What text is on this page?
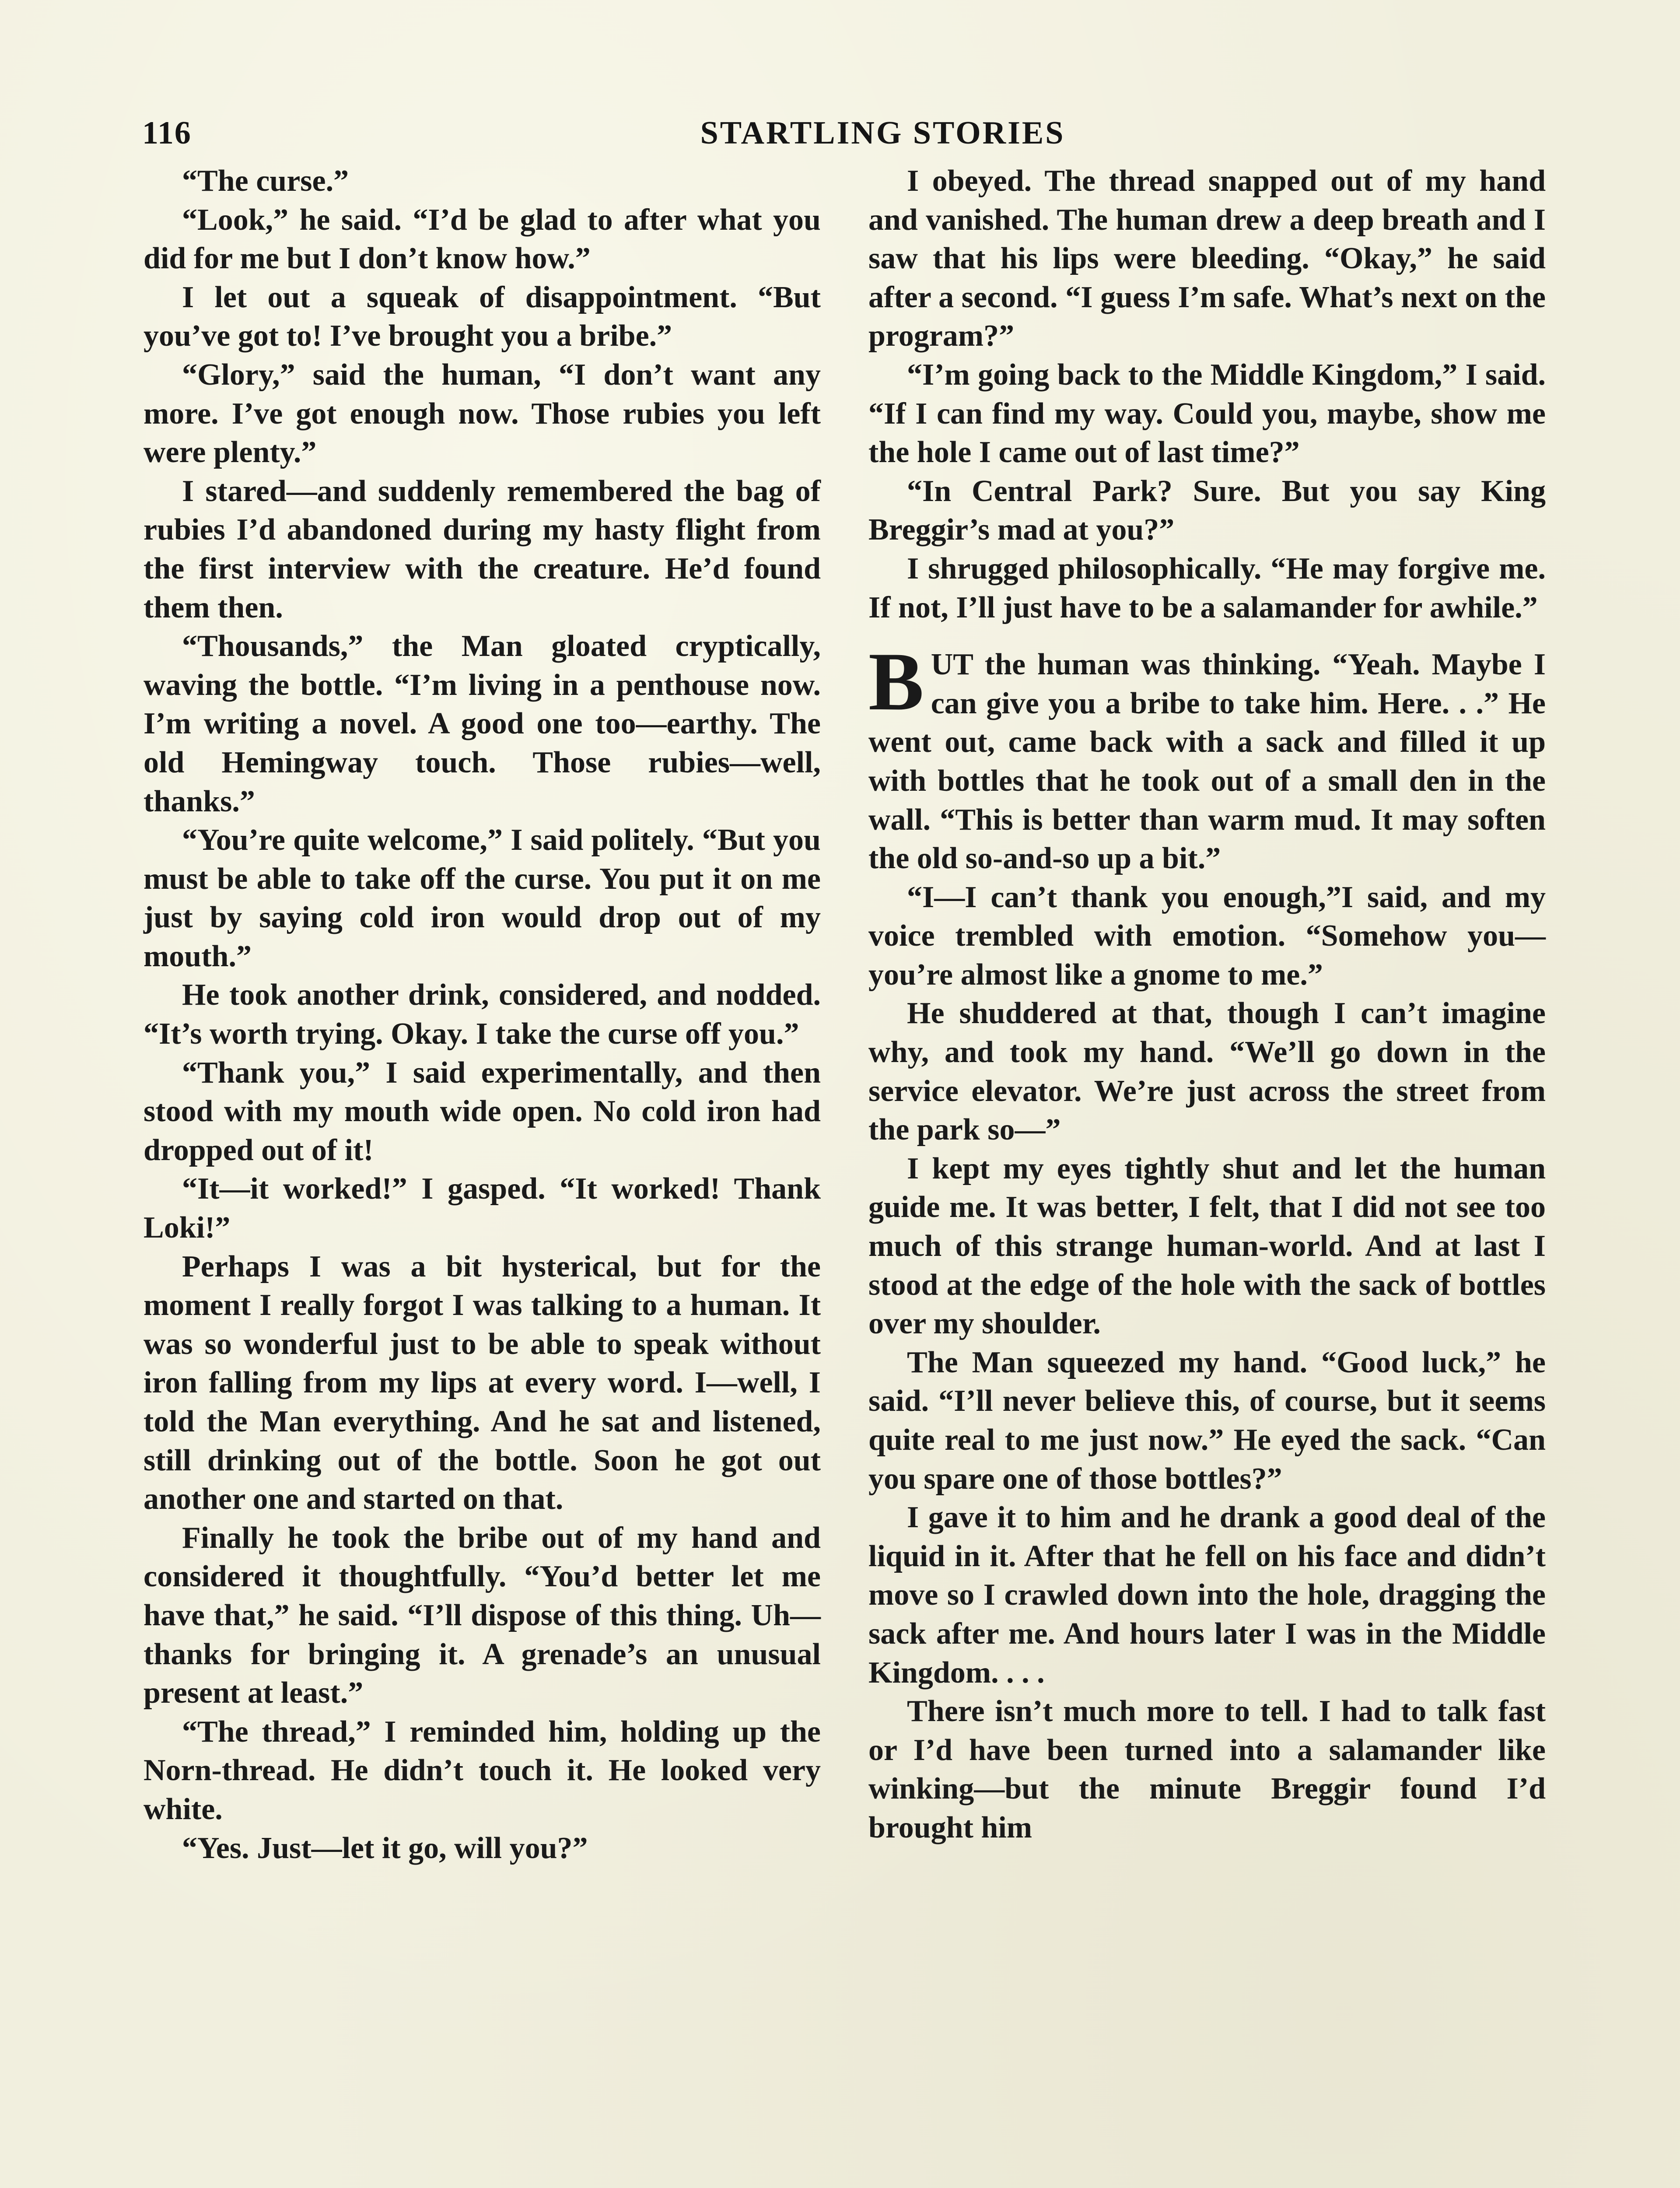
116	STARTLING STORIES

“The curse.”

“Look,” he said. “I’d be glad to after what you did for me but I don’t know how.”

I let out a squeak of disappointment. “But you’ve got to! I’ve brought you a bribe.”

“Glory,” said the human, “I don’t want any more. I’ve got enough now. Those rubies you left were plenty.”

I stared—and suddenly remembered the bag of rubies I’d abandoned during my hasty flight from the first interview with the creature. He’d found them then.

“Thousands,” the Man gloated cryptically, waving the bottle. “I’m living in a penthouse now. I’m writing a novel. A good one too—earthy. The old Hemingway touch. Those rubies—well, thanks.”

“You’re quite welcome,” I said politely. “But you must be able to take off the curse. You put it on me just by saying cold iron would drop out of my mouth.”

He took another drink, considered, and nodded. “It’s worth trying. Okay. I take the curse off you.”

“Thank you,” I said experimentally, and then stood with my mouth wide open. No cold iron had dropped out of it!

“It—it worked!” I gasped. “It worked! Thank Loki!”

Perhaps I was a bit hysterical, but for the moment I really forgot I was talking to a human. It was so wonderful just to be able to speak without iron falling from my lips at every word. I—well, I told the Man everything. And he sat and listened, still drinking out of the bottle. Soon he got out another one and started on that.

Finally he took the bribe out of my hand and considered it thoughtfully. “You’d better let me have that,” he said. “I’ll dispose of this thing. Uh—thanks for bringing it. A grenade’s an unusual present at least.”

“The thread,” I reminded him, holding up the Norn-thread. He didn’t touch it. He looked very white.

“Yes. Just—let it go, will you?”

I obeyed. The thread snapped out of my hand and vanished. The human drew a deep breath and I saw that his lips were bleeding. “Okay,” he said after a second. “I guess I’m safe. What’s next on the program?”

“I’m going back to the Middle Kingdom,” I said. “If I can find my way. Could you, maybe, show me the hole I came out of last time?”

“In Central Park? Sure. But you say King Breggir’s mad at you?”

I shrugged philosophically. “He may forgive me. If not, I’ll just have to be a salamander for awhile.”

BUT the human was thinking. “Yeah. Maybe I can give you a bribe to take him. Here. . .” He went out, came back with a sack and filled it up with bottles that he took out of a small den in the wall. “This is better than warm mud. It may soften the old so-and-so up a bit.”

“I—I can’t thank you enough,”I said, and my voice trembled with emotion. “Somehow you—you’re almost like a gnome to me.”

He shuddered at that, though I can’t imagine why, and took my hand. “We’ll go down in the service elevator. We’re just across the street from the park so—”

I kept my eyes tightly shut and let the human guide me. It was better, I felt, that I did not see too much of this strange human-world. And at last I stood at the edge of the hole with the sack of bottles over my shoulder.

The Man squeezed my hand. “Good luck,” he said. “I’ll never believe this, of course, but it seems quite real to me just now.” He eyed the sack. “Can you spare one of those bottles?”

I gave it to him and he drank a good deal of the liquid in it. After that he fell on his face and didn’t move so I crawled down into the hole, dragging the sack after me. And hours later I was in the Middle Kingdom. . . .

There isn’t much more to tell. I had to talk fast or I’d have been turned into a salamander like winking—but the minute Breggir found I’d brought him
